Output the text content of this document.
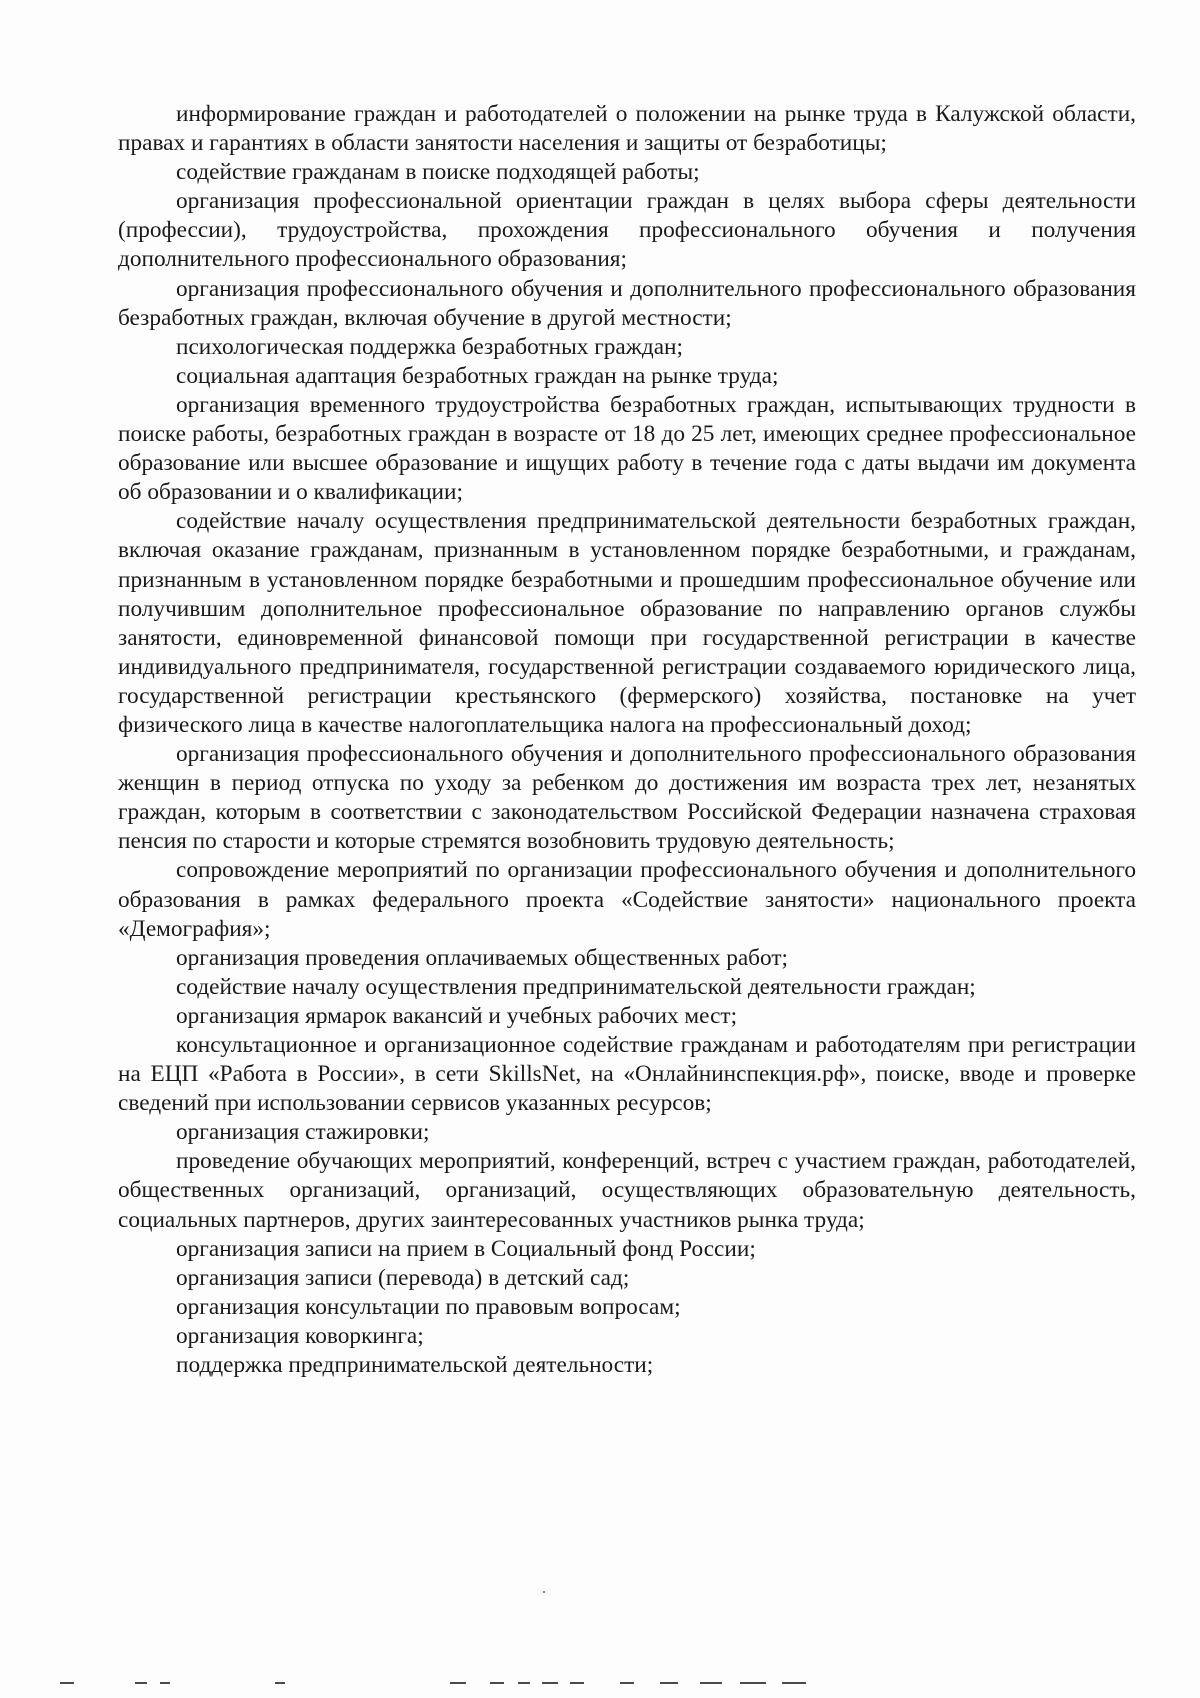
информирование граждан и работодателей о положении на рынке труда в Калужской области, правах и гарантиях в области занятости населения и защиты от безработицы;

содействие гражданам в поиске подходящей работы;

организация профессиональной ориентации граждан в целях выбора сферы деятельности (профессии), трудоустройства, прохождения профессионального обучения и получения дополнительного профессионального образования;

организация профессионального обучения и дополнительного профессионального образования безработных граждан, включая обучение в другой местности;

психологическая поддержка безработных граждан;

социальная адаптация безработных граждан на рынке труда;

организация временного трудоустройства безработных граждан, испытывающих трудности в поиске работы, безработных граждан в возрасте от 18 до 25 лет, имеющих среднее профессиональное образование или высшее образование и ищущих работу в течение года с даты выдачи им документа об образовании и о квалификации;

содействие началу осуществления предпринимательской деятельности безработных граждан, включая оказание гражданам, признанным в установленном порядке безработными, и гражданам, признанным в установленном порядке безработными и прошедшим профессиональное обучение или получившим дополнительное профессиональное образование по направлению органов службы занятости, единовременной финансовой помощи при государственной регистрации в качестве индивидуального предпринимателя, государственной регистрации создаваемого юридического лица, государственной регистрации крестьянского (фермерского) хозяйства, постановке на учет физического лица в качестве налогоплательщика налога на профессиональный доход;

организация профессионального обучения и дополнительного профессионального образования женщин в период отпуска по уходу за ребенком до достижения им возраста трех лет, незанятых граждан, которым в соответствии с законодательством Российской Федерации назначена страховая пенсия по старости и которые стремятся возобновить трудовую деятельность;

сопровождение мероприятий по организации профессионального обучения и дополнительного образования в рамках федерального проекта «Содействие занятости» национального проекта «Демография»;

организация проведения оплачиваемых общественных работ;

содействие началу осуществления предпринимательской деятельности граждан;

организация ярмарок вакансий и учебных рабочих мест;

консультационное и организационное содействие гражданам и работодателям при регистрации на ЕЦП «Работа в России», в сети SkillsNet, на «Онлайнинспекция.рф», поиске, вводе и проверке сведений при использовании сервисов указанных ресурсов;

организация стажировки;

проведение обучающих мероприятий, конференций, встреч с участием граждан, работодателей, общественных организаций, организаций, осуществляющих образовательную деятельность, социальных партнеров, других заинтересованных участников рынка труда;

организация записи на прием в Социальный фонд России;

организация записи (перевода) в детский сад;

организация консультации по правовым вопросам;

организация коворкинга;

поддержка предпринимательской деятельности;
